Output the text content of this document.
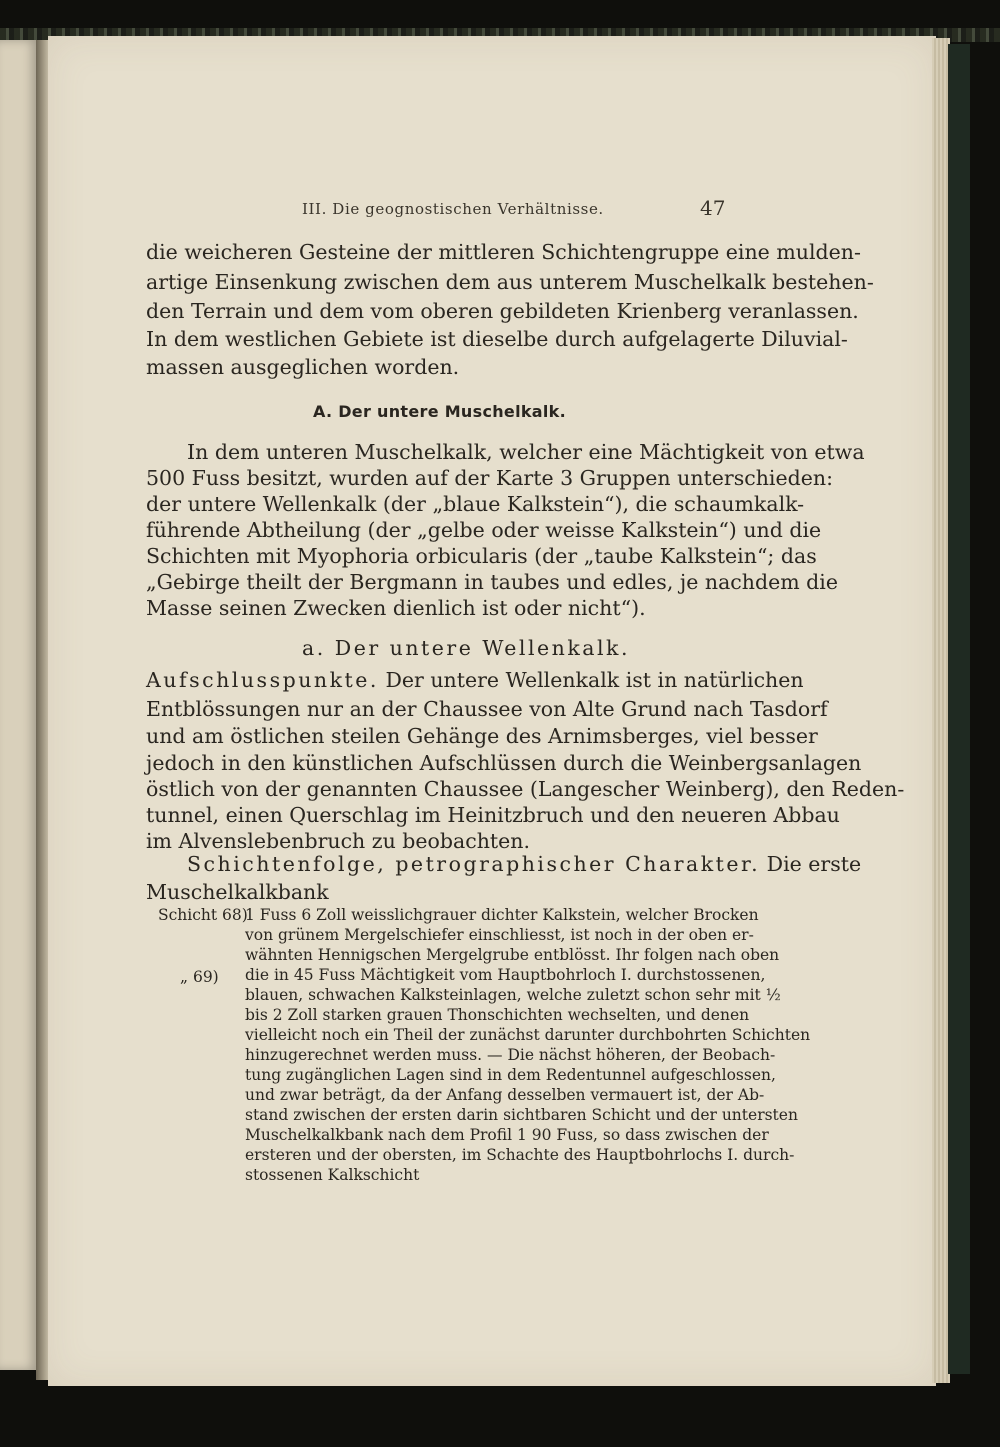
III. Die geognostischen Verhältnisse.	47
die weicheren Gesteine der mittleren Schichtengruppe eine mulden-
artige Einsenkung zwischen dem aus unterem Muschelkalk bestehen-
den Terrain und dem vom oberen gebildeten Krienberg veranlassen.
In dem westlichen Gebiete ist dieselbe durch aufgelagerte Diluvial-
massen ausgeglichen worden.
A. Der untere Muschelkalk.
In dem unteren Muschelkalk, welcher eine Mächtigkeit von etwa
500 Fuss besitzt, wurden auf der Karte 3 Gruppen unterschieden:
der untere Wellenkalk (der „blaue Kalkstein“), die schaumkalk-
führende Abtheilung (der „gelbe oder weisse Kalkstein“) und die
Schichten mit Myophoria orbicularis (der „taube Kalkstein“; das
„Gebirge theilt der Bergmann in taubes und edles, je nachdem die
Masse seinen Zwecken dienlich ist oder nicht“).
a. Der untere Wellenkalk.
Aufschlusspunkte. Der untere Wellenkalk ist in natürlichen
Entblössungen nur an der Chaussee von Alte Grund nach Tasdorf
und am östlichen steilen Gehänge des Arnimsberges, viel besser
jedoch in den künstlichen Aufschlüssen durch die Weinbergsanlagen
östlich von der genannten Chaussee (Langescher Weinberg), den Reden-
tunnel, einen Querschlag im Heinitzbruch und den neueren Abbau
im Alvenslebenbruch zu beobachten.
Schichtenfolge, petrographischer Charakter. Die erste
Muschelkalkbank
Schicht 68)
1 Fuss 6 Zoll weisslichgrauer dichter Kalkstein, welcher Brocken
von grünem Mergelschiefer einschliesst, ist noch in der oben er-
wähnten Hennigschen Mergelgrube entblösst. Ihr folgen nach oben
„ 69) die in 45 Fuss Mächtigkeit vom Hauptbohrloch I. durchstossenen,
blauen, schwachen Kalksteinlagen, welche zuletzt schon sehr mit ½
bis 2 Zoll starken grauen Thonschichten wechselten, und denen
vielleicht noch ein Theil der zunächst darunter durchbohrten Schichten
hinzugerechnet werden muss. — Die nächst höheren, der Beobach-
tung zugänglichen Lagen sind in dem Redentunnel aufgeschlossen,
und zwar beträgt, da der Anfang desselben vermauert ist, der Ab-
stand zwischen der ersten darin sichtbaren Schicht und der untersten
Muschelkalkbank nach dem Profil 1 90 Fuss, so dass zwischen der
ersteren und der obersten, im Schachte des Hauptbohrlochs I. durch-
stossenen Kalkschicht
